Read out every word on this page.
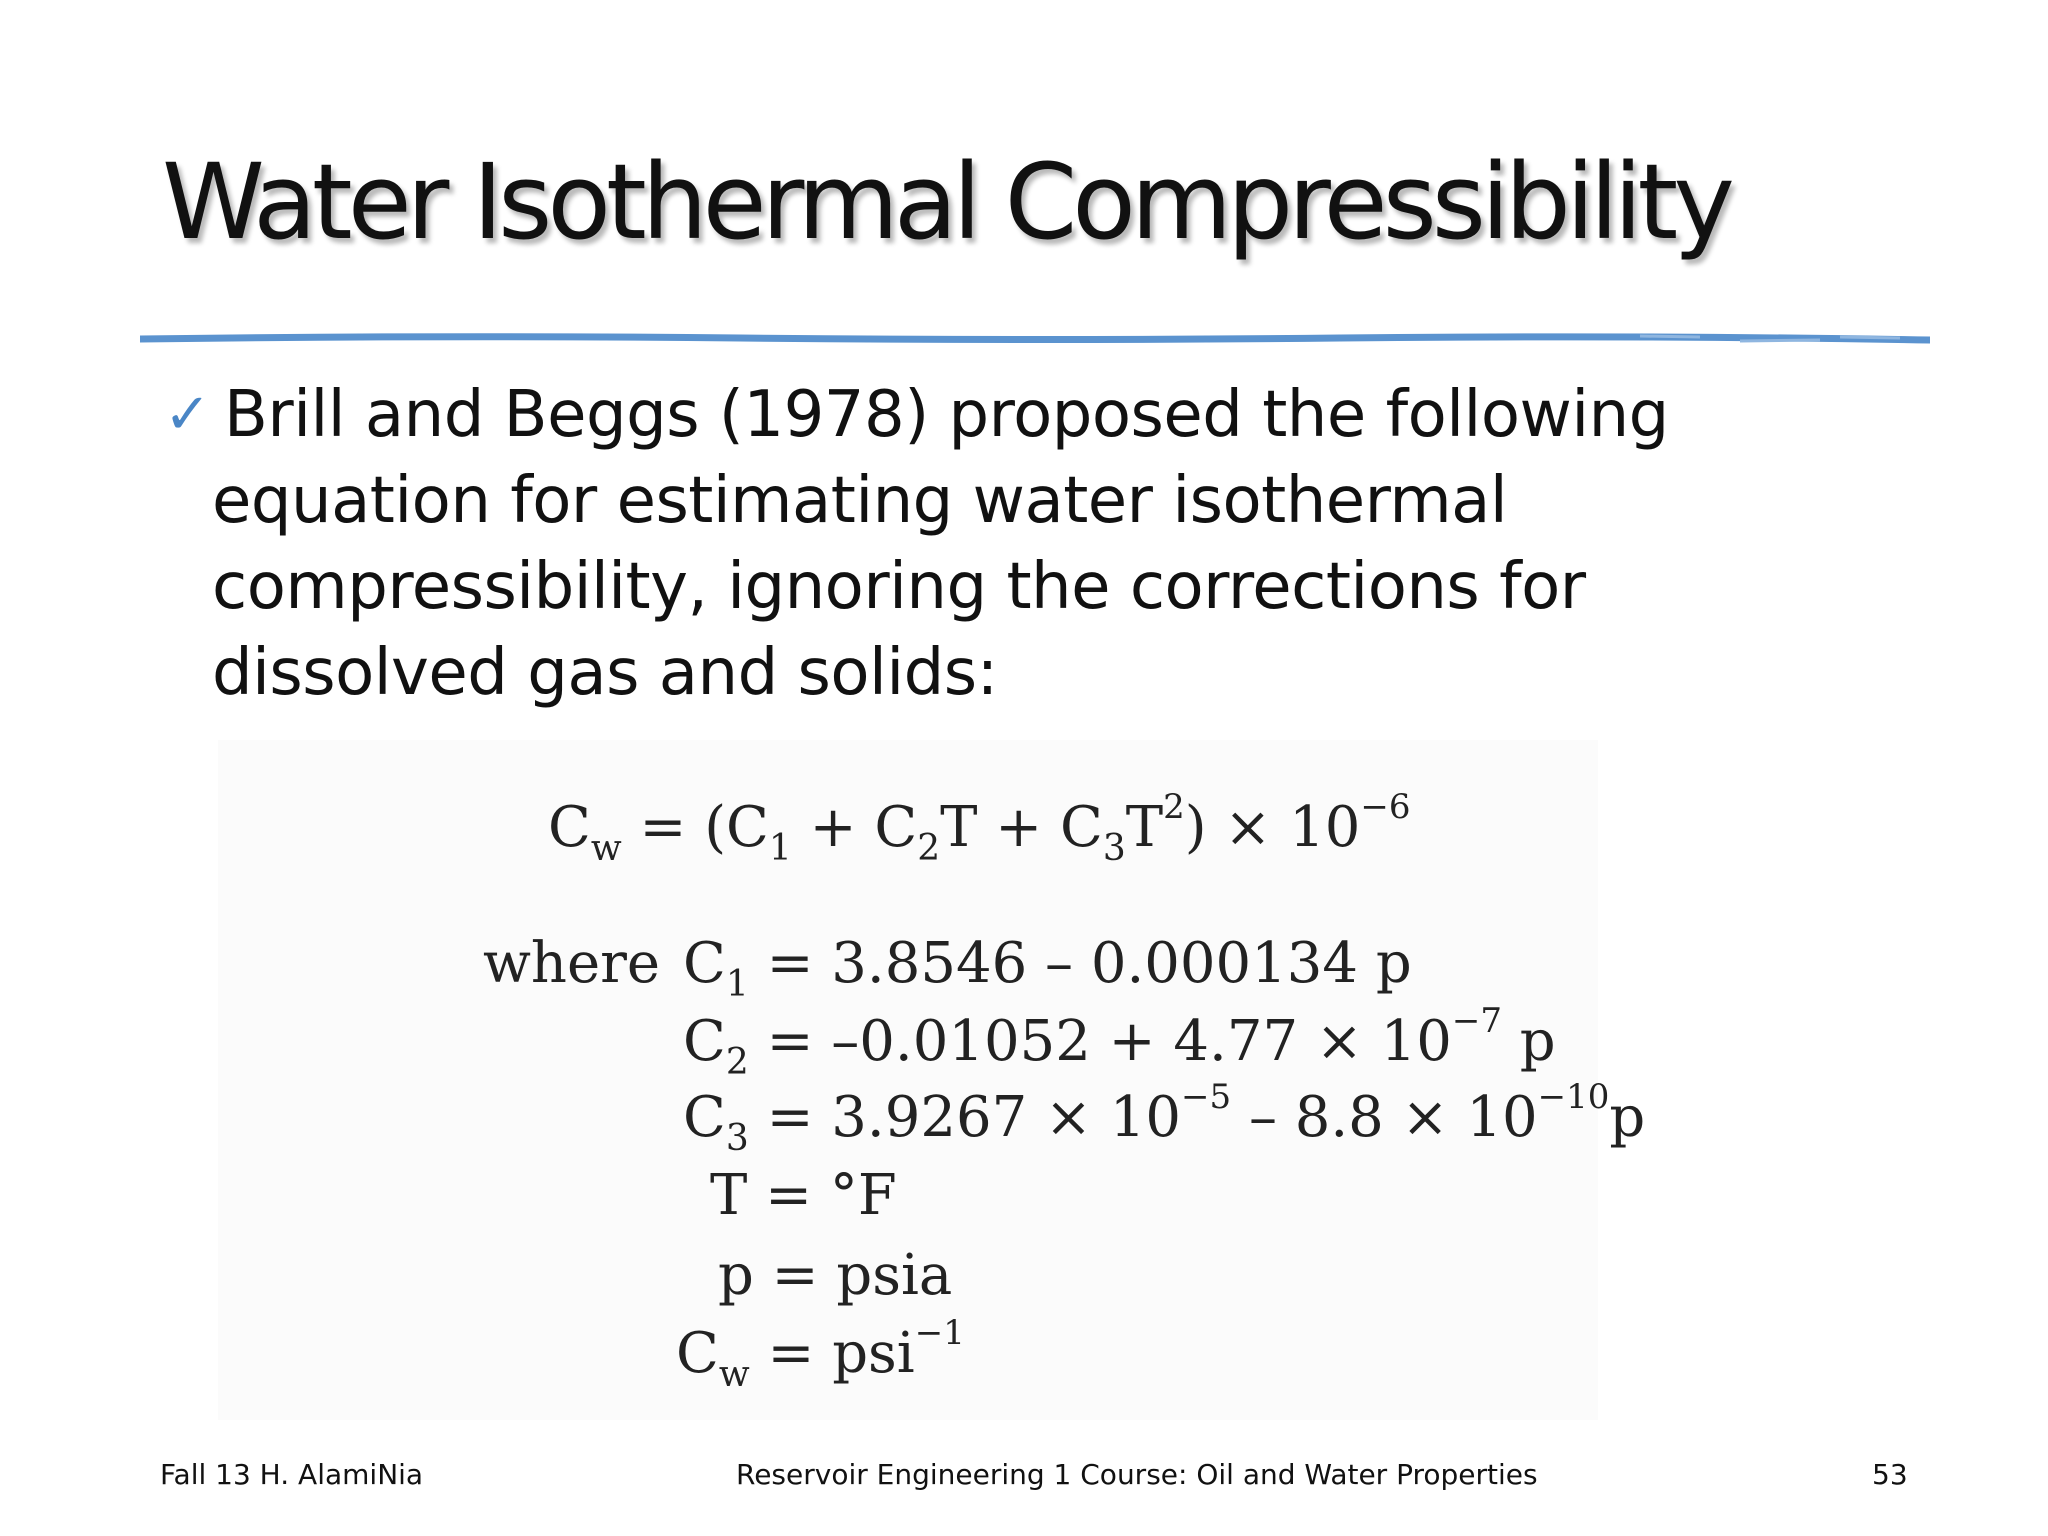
Water Isothermal Compressibility
✓ Brill and Beggs (1978) proposed the following
equation for estimating water isothermal
compressibility, ignoring the corrections for
dissolved gas and solids:
$C_w = (C_1 + C_2T + C_3T^2) \times 10^{-6}$
where $C_1 = 3.8546 - 0.000134$ p
$C_2 = -0.01052 + 4.77 \times 10^{-7}$ p
$C_3 = 3.9267 \times 10^{-5} - 8.8 \times 10^{-10}p$
T = °F
p = psia
$C_w = psi^{-1}$
Fall 13 H. AlamiNia	Reservoir Engineering 1 Course: Oil and Water Properties	53
